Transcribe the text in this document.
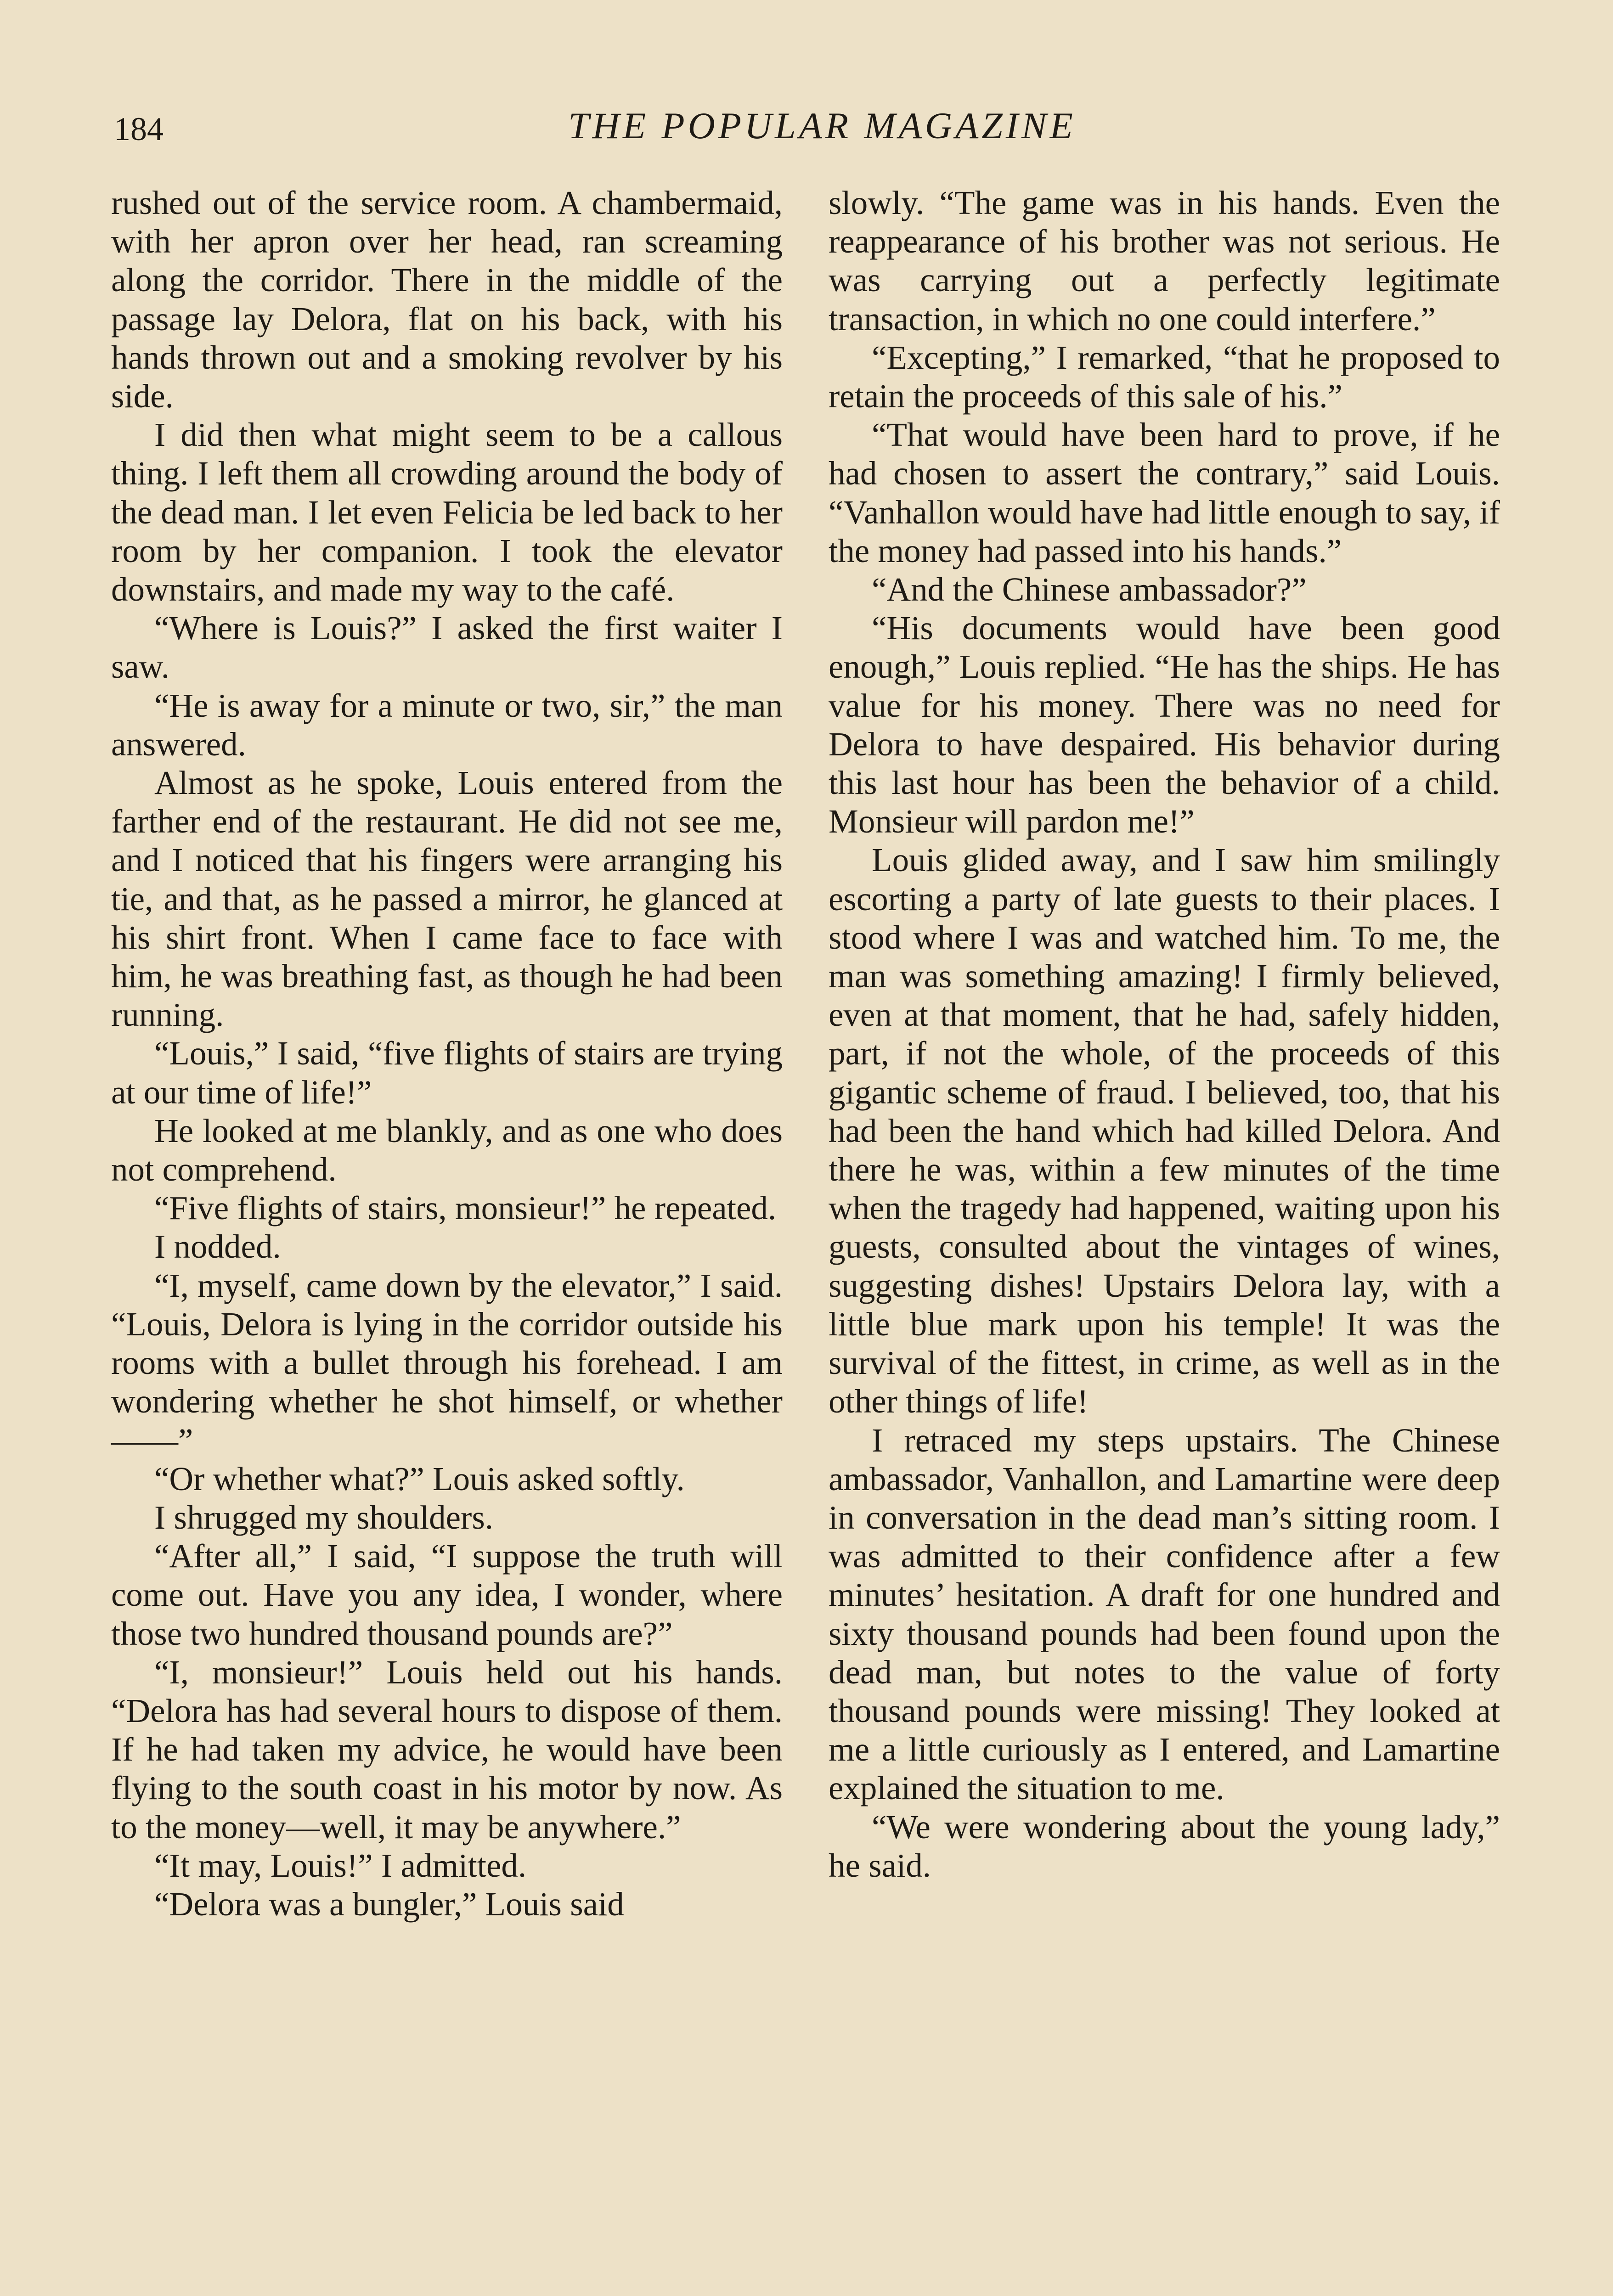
184	THE POPULAR MAGAZINE

rushed out of the service room. A chambermaid, with her apron over her head, ran screaming along the corridor. There in the middle of the passage lay Delora, flat on his back, with his hands thrown out and a smoking revolver by his side.

I did then what might seem to be a callous thing. I left them all crowding around the body of the dead man. I let even Felicia be led back to her room by her companion. I took the elevator downstairs, and made my way to the café.

“Where is Louis?” I asked the first waiter I saw.

“He is away for a minute or two, sir,” the man answered.

Almost as he spoke, Louis entered from the farther end of the restaurant. He did not see me, and I noticed that his fingers were arranging his tie, and that, as he passed a mirror, he glanced at his shirt front. When I came face to face with him, he was breathing fast, as though he had been running.

“Louis,” I said, “five flights of stairs are trying at our time of life!”

He looked at me blankly, and as one who does not comprehend.

“Five flights of stairs, monsieur!” he repeated.

I nodded.

“I, myself, came down by the elevator,” I said. “Louis, Delora is lying in the corridor outside his rooms with a bullet through his forehead. I am wondering whether he shot himself, or whether——”

“Or whether what?” Louis asked softly.

I shrugged my shoulders.

“After all,” I said, “I suppose the truth will come out. Have you any idea, I wonder, where those two hundred thousand pounds are?”

“I, monsieur!” Louis held out his hands. “Delora has had several hours to dispose of them. If he had taken my advice, he would have been flying to the south coast in his motor by now. As to the money—well, it may be anywhere.”

“It may, Louis!” I admitted.

“Delora was a bungler,” Louis said

slowly. “The game was in his hands. Even the reappearance of his brother was not serious. He was carrying out a perfectly legitimate transaction, in which no one could interfere.”

“Excepting,” I remarked, “that he proposed to retain the proceeds of this sale of his.”

“That would have been hard to prove, if he had chosen to assert the contrary,” said Louis. “Vanhallon would have had little enough to say, if the money had passed into his hands.”

“And the Chinese ambassador?”

“His documents would have been good enough,” Louis replied. “He has the ships. He has value for his money. There was no need for Delora to have despaired. His behavior during this last hour has been the behavior of a child. Monsieur will pardon me!”

Louis glided away, and I saw him smilingly escorting a party of late guests to their places. I stood where I was and watched him. To me, the man was something amazing! I firmly believed, even at that moment, that he had, safely hidden, part, if not the whole, of the proceeds of this gigantic scheme of fraud. I believed, too, that his had been the hand which had killed Delora. And there he was, within a few minutes of the time when the tragedy had happened, waiting upon his guests, consulted about the vintages of wines, suggesting dishes! Upstairs Delora lay, with a little blue mark upon his temple! It was the survival of the fittest, in crime, as well as in the other things of life!

I retraced my steps upstairs. The Chinese ambassador, Vanhallon, and Lamartine were deep in conversation in the dead man’s sitting room. I was admitted to their confidence after a few minutes’ hesitation. A draft for one hundred and sixty thousand pounds had been found upon the dead man, but notes to the value of forty thousand pounds were missing! They looked at me a little curiously as I entered, and Lamartine explained the situation to me.

“We were wondering about the young lady,” he said.
